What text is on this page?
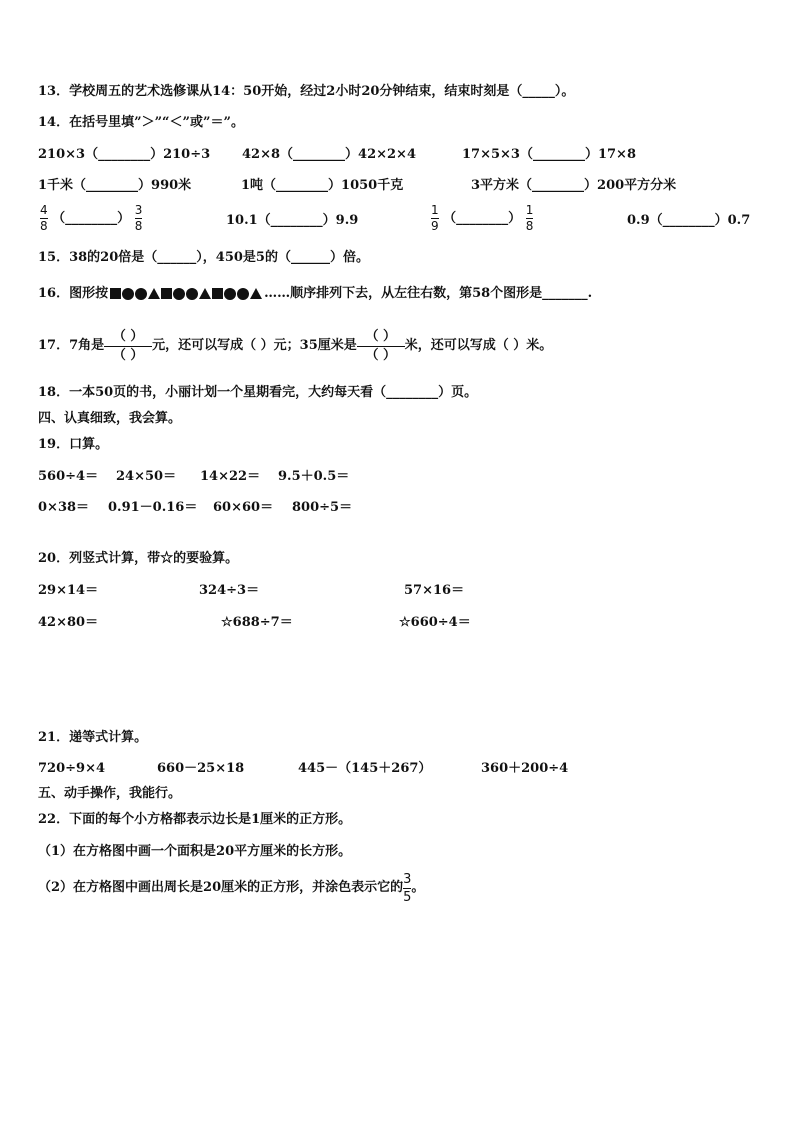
13．学校周五的艺术选修课从14：50开始，经过2小时20分钟结束，结束时刻是（_____）。
14．在括号里填”＞”“＜”或”＝”。
210×3（________）210÷3 42×8（________）42×2×4	17×5×3（________）17×8
1千米（________）990米	1吨（________）1050千克	3平方米（________）200平方分米
$\frac{4}{8}$ （________） $\frac{3}{8}$	10.1（________）9.9	$\frac{1}{9}$ （________） $\frac{1}{8}$	0.9（________）0.7
15．38的20倍是（______），450是5的（______）倍。
16．图形按	……顺序排列下去，从左往右数，第58个图形是_______.
17．7角是
（ ）
（ ）
元，还可以写成（ ）元；35厘米是
（ ）
（ ）
米，还可以写成（ ）米。
18．一本50页的书，小丽计划一个星期看完，大约每天看（________）页。
四、认真细致，我会算。
19．口算。
560÷4＝ 24×50＝ 14×22＝ 9.5＋0.5＝
0×38＝ 0.91－0.16＝ 60×60＝ 800÷5＝
20．列竖式计算，带☆的要验算。
29×14＝	324÷3＝	57×16＝
42×80＝	☆688÷7＝	☆660÷4＝
21．递等式计算。
720÷9×4	660－25×18	445－（145＋267）	360＋200÷4
五、动手操作，我能行。
22．下面的每个小方格都表示边长是1厘米的正方形。
（1）在方格图中画一个面积是20平方厘米的长方形。
（2）在方格图中画出周长是20厘米的正方形，并涂色表示它的 $\frac{3}{5}$ 。
